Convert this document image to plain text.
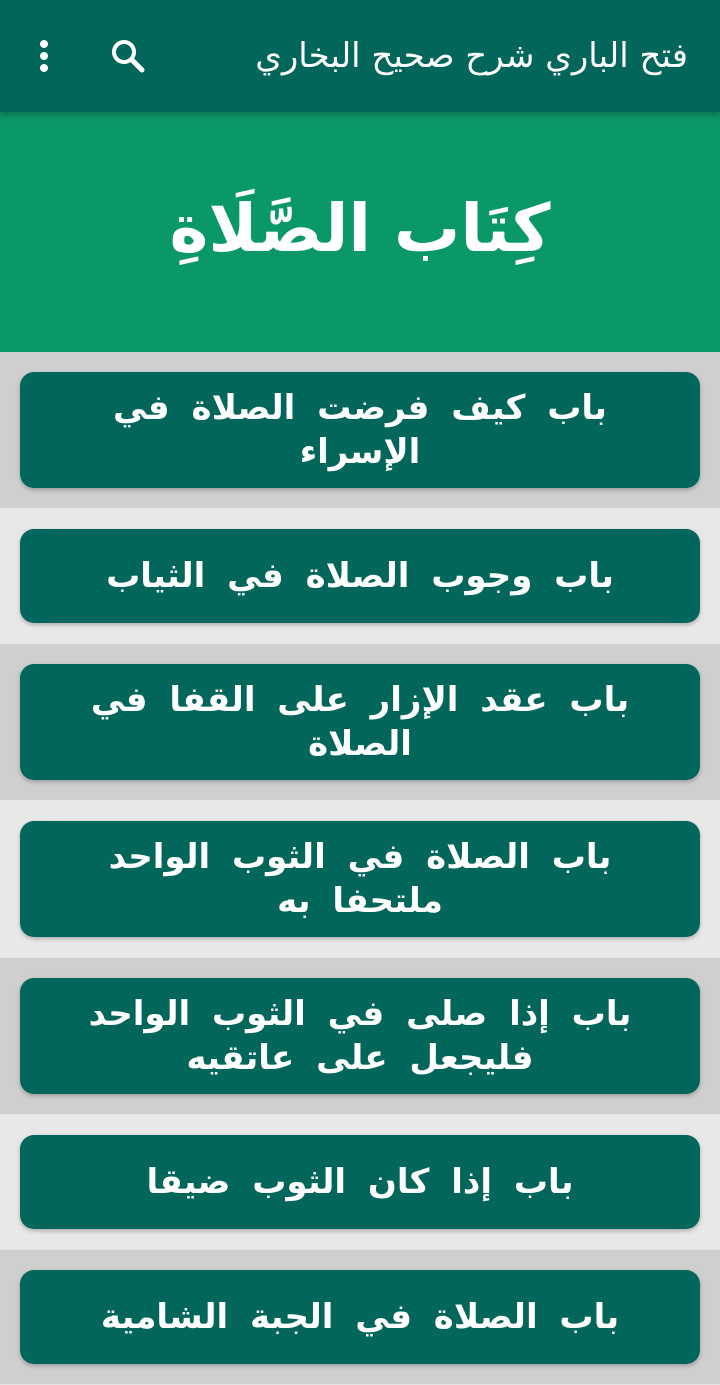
فتح الباري شرح صحيح البخاري
كِتَاب الصَّلَاةِ
باب كيف فرضت الصلاة في الإسراء
باب وجوب الصلاة في الثياب
باب عقد الإزار على القفا في الصلاة
باب الصلاة في الثوب الواحد ملتحفا به
باب إذا صلى في الثوب الواحد فليجعل على عاتقيه
باب إذا كان الثوب ضيقا
باب الصلاة في الجبة الشامية
